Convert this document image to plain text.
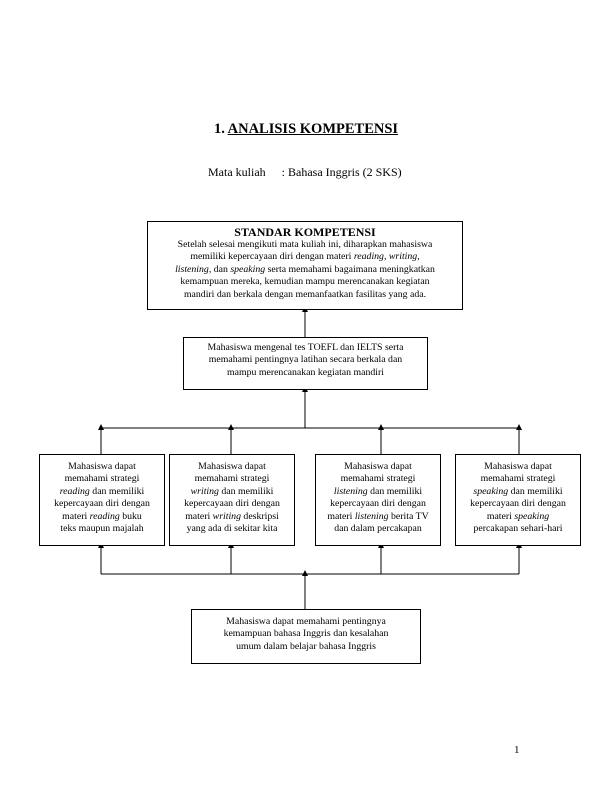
1. ANALISIS KOMPETENSI
Mata kuliah : Bahasa Inggris (2 SKS)
STANDAR KOMPETENSI
Setelah selesai mengikuti mata kuliah ini, diharapkan mahasiswa
memiliki kepercayaan diri dengan materi reading, writing,
listening, dan speaking serta memahami bagaimana meningkatkan
kemampuan mereka, kemudian mampu merencanakan kegiatan
mandiri dan berkala dengan memanfaatkan fasilitas yang ada.
Mahasiswa mengenal tes TOEFL dan IELTS serta
memahami pentingnya latihan secara berkala dan
mampu merencanakan kegiatan mandiri
Mahasiswa dapat
memahami strategi
reading dan memiliki
kepercayaan diri dengan
materi reading buku
teks maupun majalah
Mahasiswa dapat
memahami strategi
writing dan memiliki
kepercayaan diri dengan
materi writing deskripsi
yang ada di sekitar kita
Mahasiswa dapat
memahami strategi
listening dan memiliki
kepercayaan diri dengan
materi listening berita TV
dan dalam percakapan
Mahasiswa dapat
memahami strategi
speaking dan memiliki
kepercayaan diri dengan
materi speaking
percakapan sehari-hari
Mahasiswa dapat memahami pentingnya
kemampuan bahasa Inggris dan kesalahan
umum dalam belajar bahasa Inggris
1
